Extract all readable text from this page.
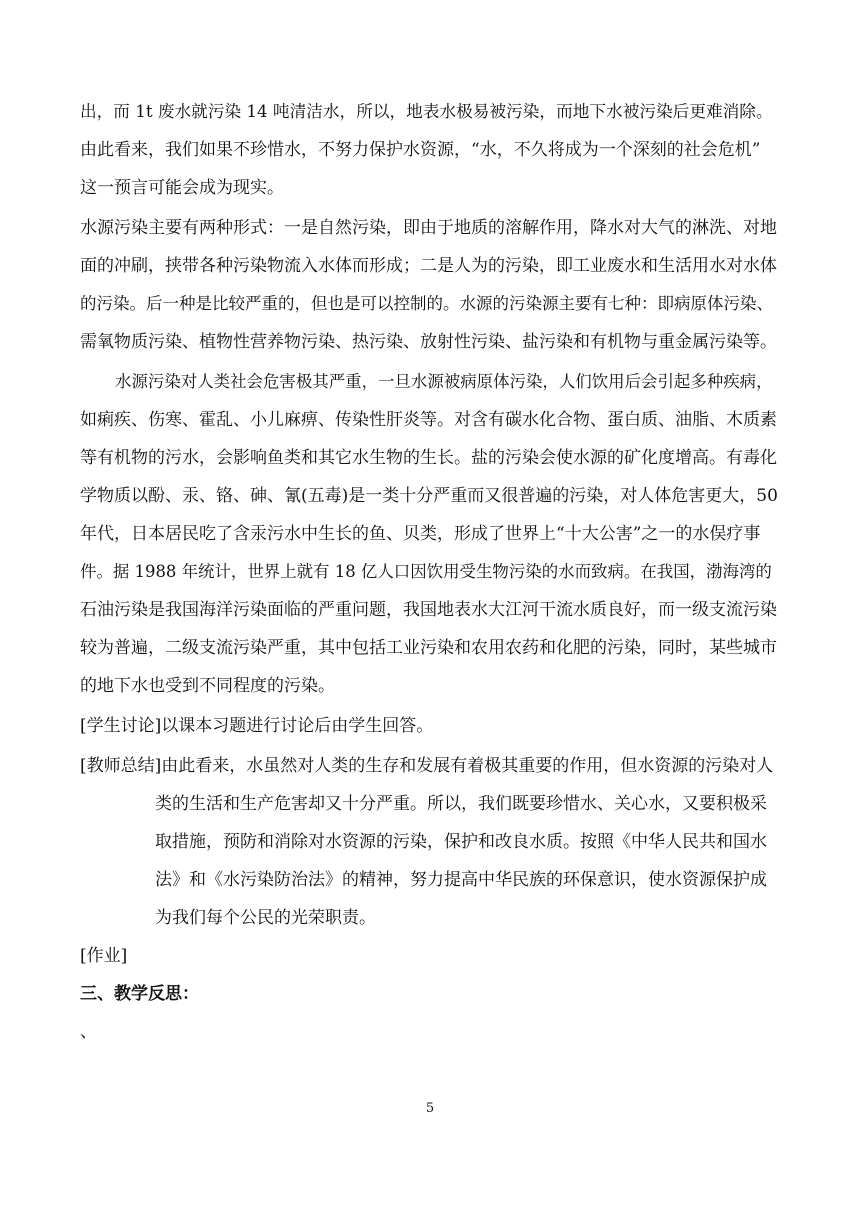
出，而 1t 废水就污染 14 吨清洁水，所以，地表水极易被污染，而地下水被污染后更难消除。
由此看来，我们如果不珍惜水，不努力保护水资源，“水，不久将成为一个深刻的社会危机”
这一预言可能会成为现实。
水源污染主要有两种形式：一是自然污染，即由于地质的溶解作用，降水对大气的淋洗、对地
面的冲刷，挟带各种污染物流入水体而形成；二是人为的污染，即工业废水和生活用水对水体
的污染。后一种是比较严重的，但也是可以控制的。水源的污染源主要有七种：即病原体污染、
需氧物质污染、植物性营养物污染、热污染、放射性污染、盐污染和有机物与重金属污染等。
水源污染对人类社会危害极其严重，一旦水源被病原体污染，人们饮用后会引起多种疾病，
如痢疾、伤寒、霍乱、小儿麻痹、传染性肝炎等。对含有碳水化合物、蛋白质、油脂、木质素
等有机物的污水，会影响鱼类和其它水生物的生长。盐的污染会使水源的矿化度增高。有毒化
学物质以酚、汞、铬、砷、氰(五毒)是一类十分严重而又很普遍的污染，对人体危害更大，50
年代，日本居民吃了含汞污水中生长的鱼、贝类，形成了世界上“十大公害”之一的水俣疗事
件。据 1988 年统计，世界上就有 18 亿人口因饮用受生物污染的水而致病。在我国，渤海湾的
石油污染是我国海洋污染面临的严重问题，我国地表水大江河干流水质良好，而一级支流污染
较为普遍，二级支流污染严重，其中包括工业污染和农用农药和化肥的污染，同时，某些城市
的地下水也受到不同程度的污染。
[学生讨论]以课本习题进行讨论后由学生回答。
[教师总结]由此看来，水虽然对人类的生存和发展有着极其重要的作用，但水资源的污染对人
类的生活和生产危害却又十分严重。所以，我们既要珍惜水、关心水，又要积极采
取措施，预防和消除对水资源的污染，保护和改良水质。按照《中华人民共和国水
法》和《水污染防治法》的精神，努力提高中华民族的环保意识，使水资源保护成
为我们每个公民的光荣职责。
[作业]
三、教学反思：
、
5
